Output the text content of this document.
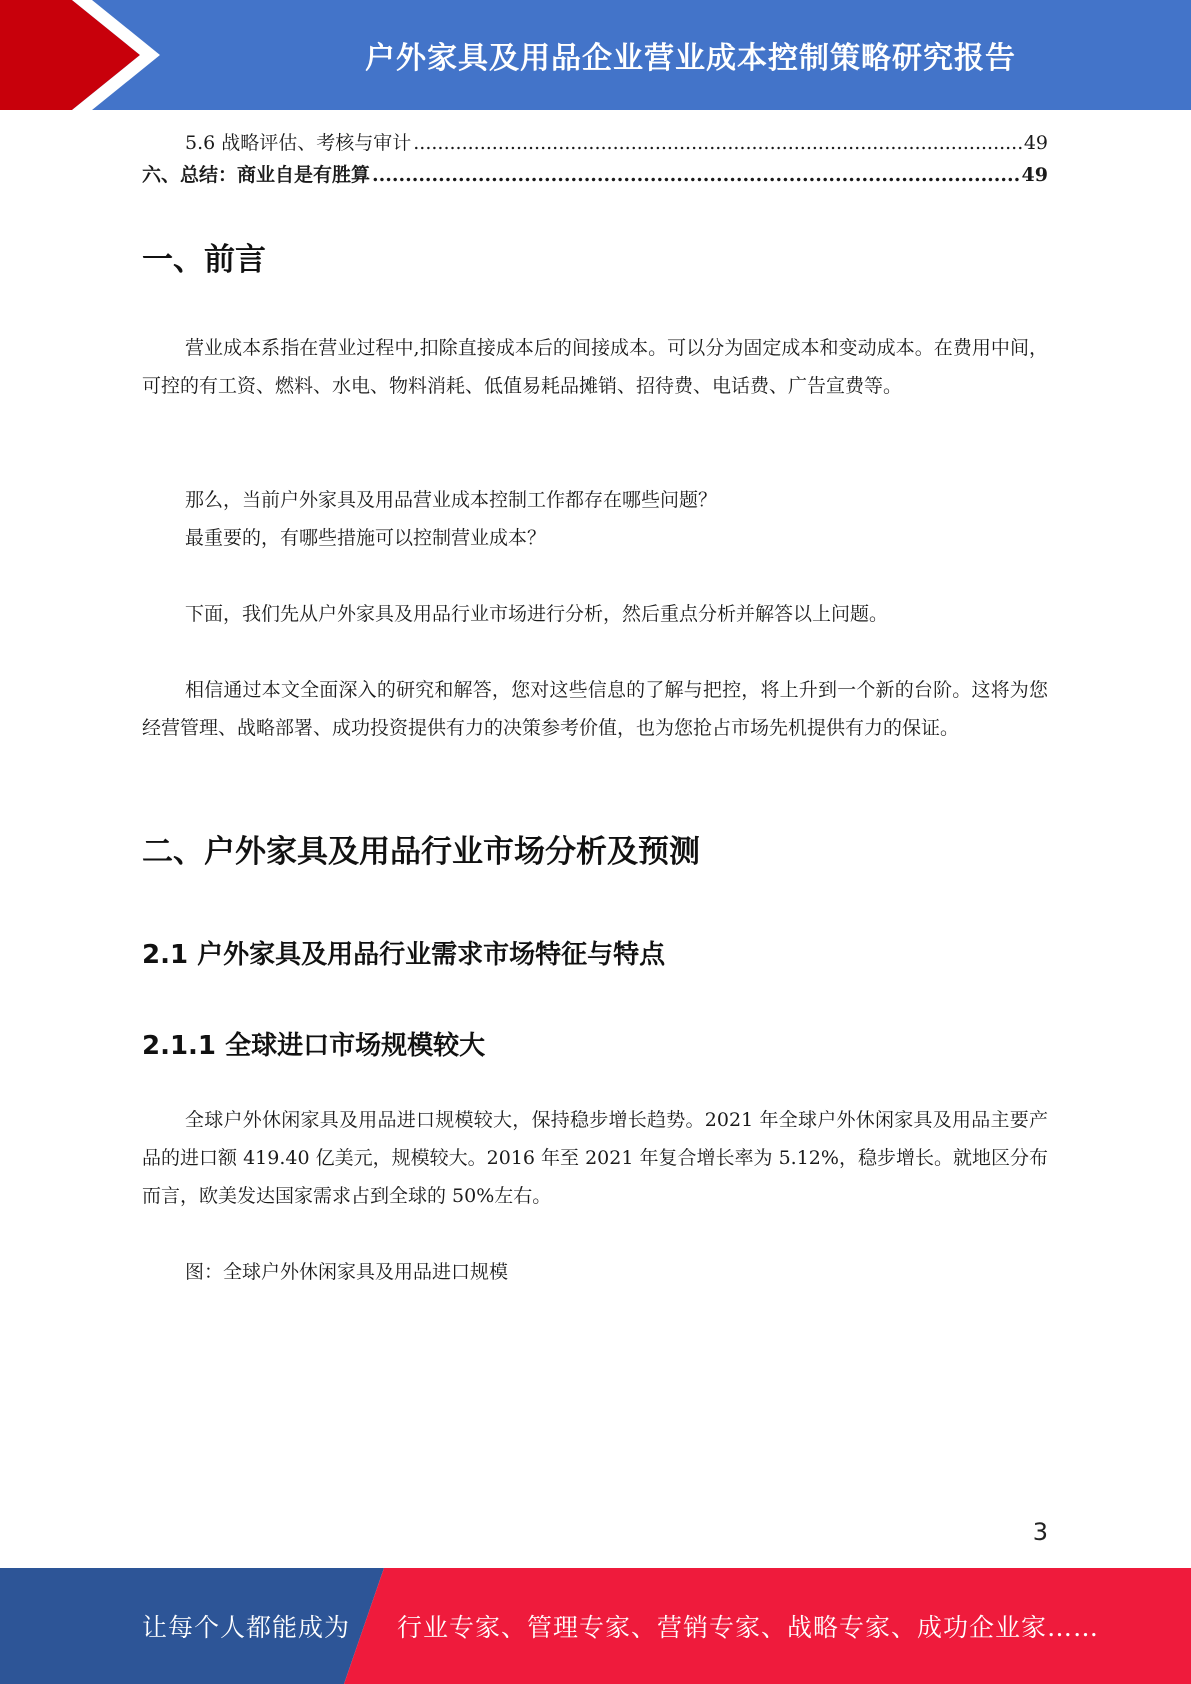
户外家具及用品企业营业成本控制策略研究报告
5.6 战略评估、考核与审计 .....	49
六、总结：商业自是有胜算 .....	49
一、前言

营业成本系指在营业过程中,扣除直接成本后的间接成本。可以分为固定成本和变动成本。在费用中间，可控的有工资、燃料、水电、物料消耗、低值易耗品摊销、招待费、电话费、广告宣费等。

那么，当前户外家具及用品营业成本控制工作都存在哪些问题？

最重要的，有哪些措施可以控制营业成本？

下面，我们先从户外家具及用品行业市场进行分析，然后重点分析并解答以上问题。

相信通过本文全面深入的研究和解答，您对这些信息的了解与把控，将上升到一个新的台阶。这将为您经营管理、战略部署、成功投资提供有力的决策参考价值，也为您抢占市场先机提供有力的保证。

二、户外家具及用品行业市场分析及预测
2.1 户外家具及用品行业需求市场特征与特点
2.1.1 全球进口市场规模较大

全球户外休闲家具及用品进口规模较大，保持稳步增长趋势。2021 年全球户外休闲家具及用品主要产品的进口额 419.40 亿美元，规模较大。2016 年至 2021 年复合增长率为 5.12%，稳步增长。就地区分布而言，欧美发达国家需求占到全球的 50%左右。

图：全球户外休闲家具及用品进口规模

3
让每个人都能成为 行业专家、管理专家、营销专家、战略专家、成功企业家……
